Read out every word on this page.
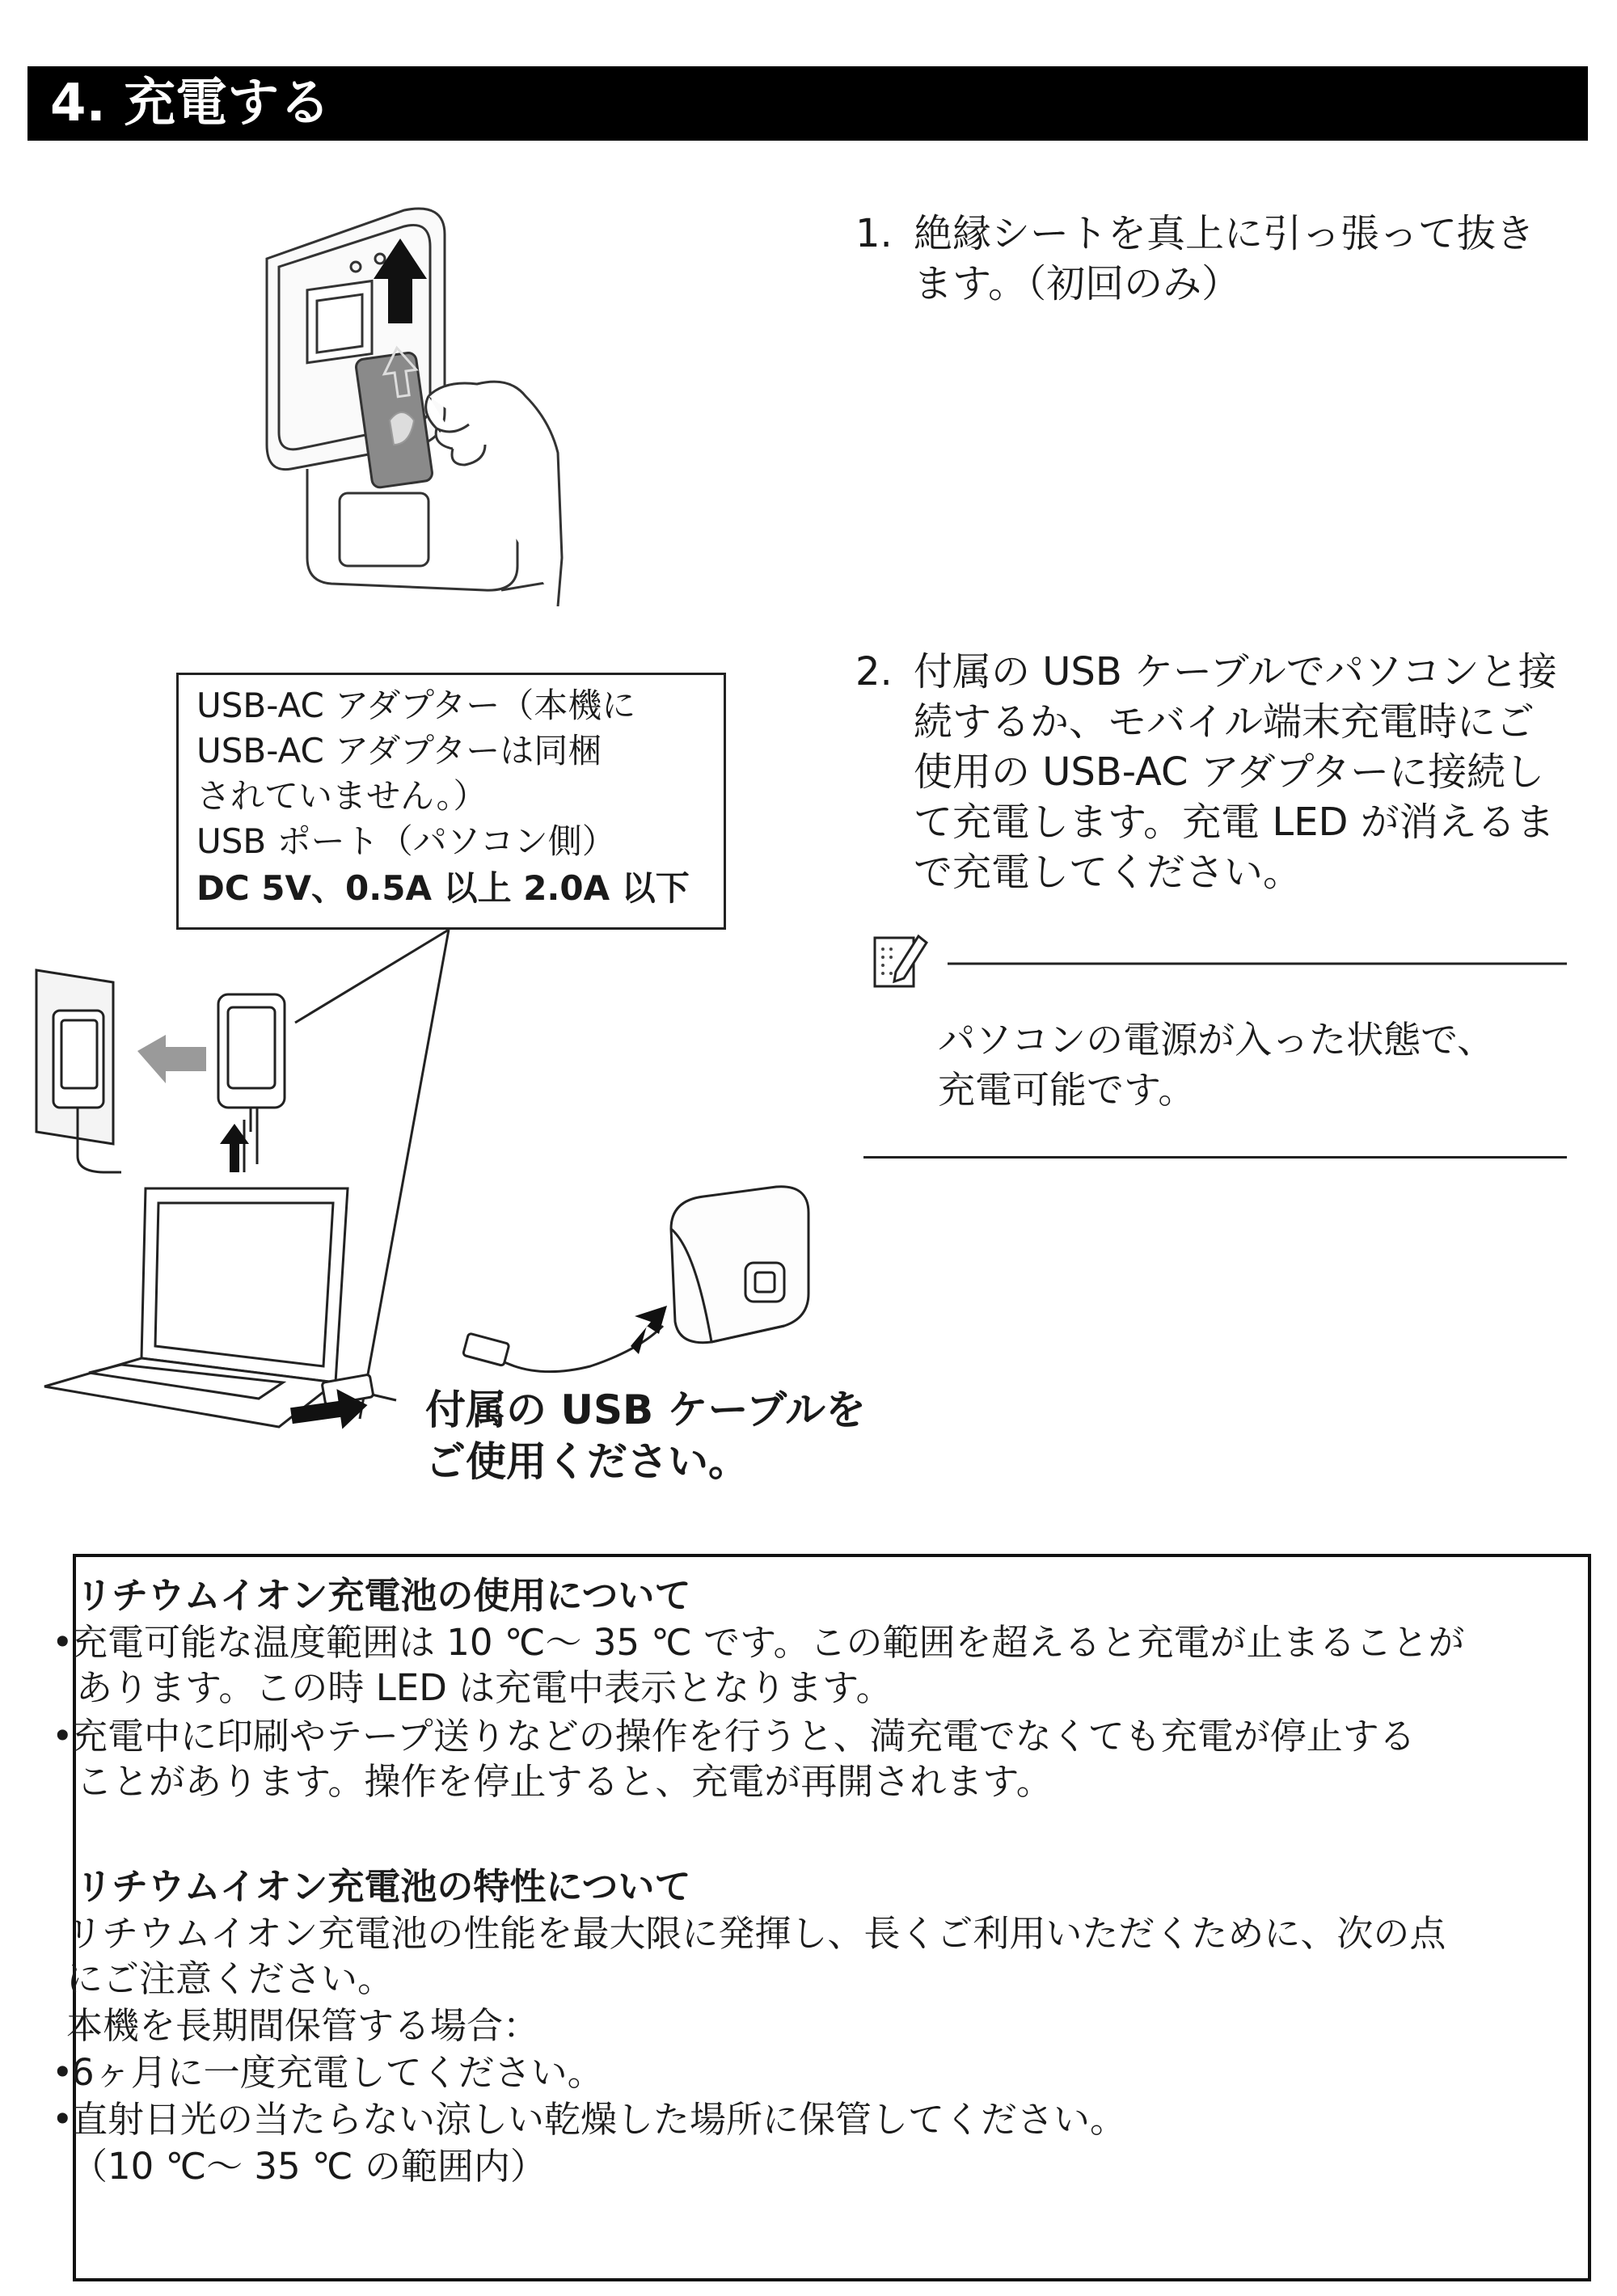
4. 充電する
1. 絶縁シートを真上に引っ張って抜き
ます。（初回のみ）
2. 付属の USB ケーブルでパソコンと接
続するか、モバイル端末充電時にご
使用の USB-AC アダプターに接続し
て充電します。充電 LED が消えるま
で充電してください。
USB-AC アダプター（本機に
USB-AC アダプターは同梱
されていません。）
USB ポート（パソコン側）
DC 5V、0.5A 以上 2.0A 以下
付属の USB ケーブルを
ご使用ください。
パソコンの電源が入った状態で、
充電可能です。
リチウムイオン充電池の使用について
•充電可能な温度範囲は 10 ℃～ 35 ℃ です。この範囲を超えると充電が止まることが
あります。この時 LED は充電中表示となります。
•充電中に印刷やテープ送りなどの操作を行うと、満充電でなくても充電が停止する
ことがあります。操作を停止すると、充電が再開されます。
リチウムイオン充電池の特性について
リチウムイオン充電池の性能を最大限に発揮し、長くご利用いただくために、次の点
にご注意ください。
本機を長期間保管する場合：
•6ヶ月に一度充電してください。
•直射日光の当たらない涼しい乾燥した場所に保管してください。
（10 ℃～ 35 ℃ の範囲内）
